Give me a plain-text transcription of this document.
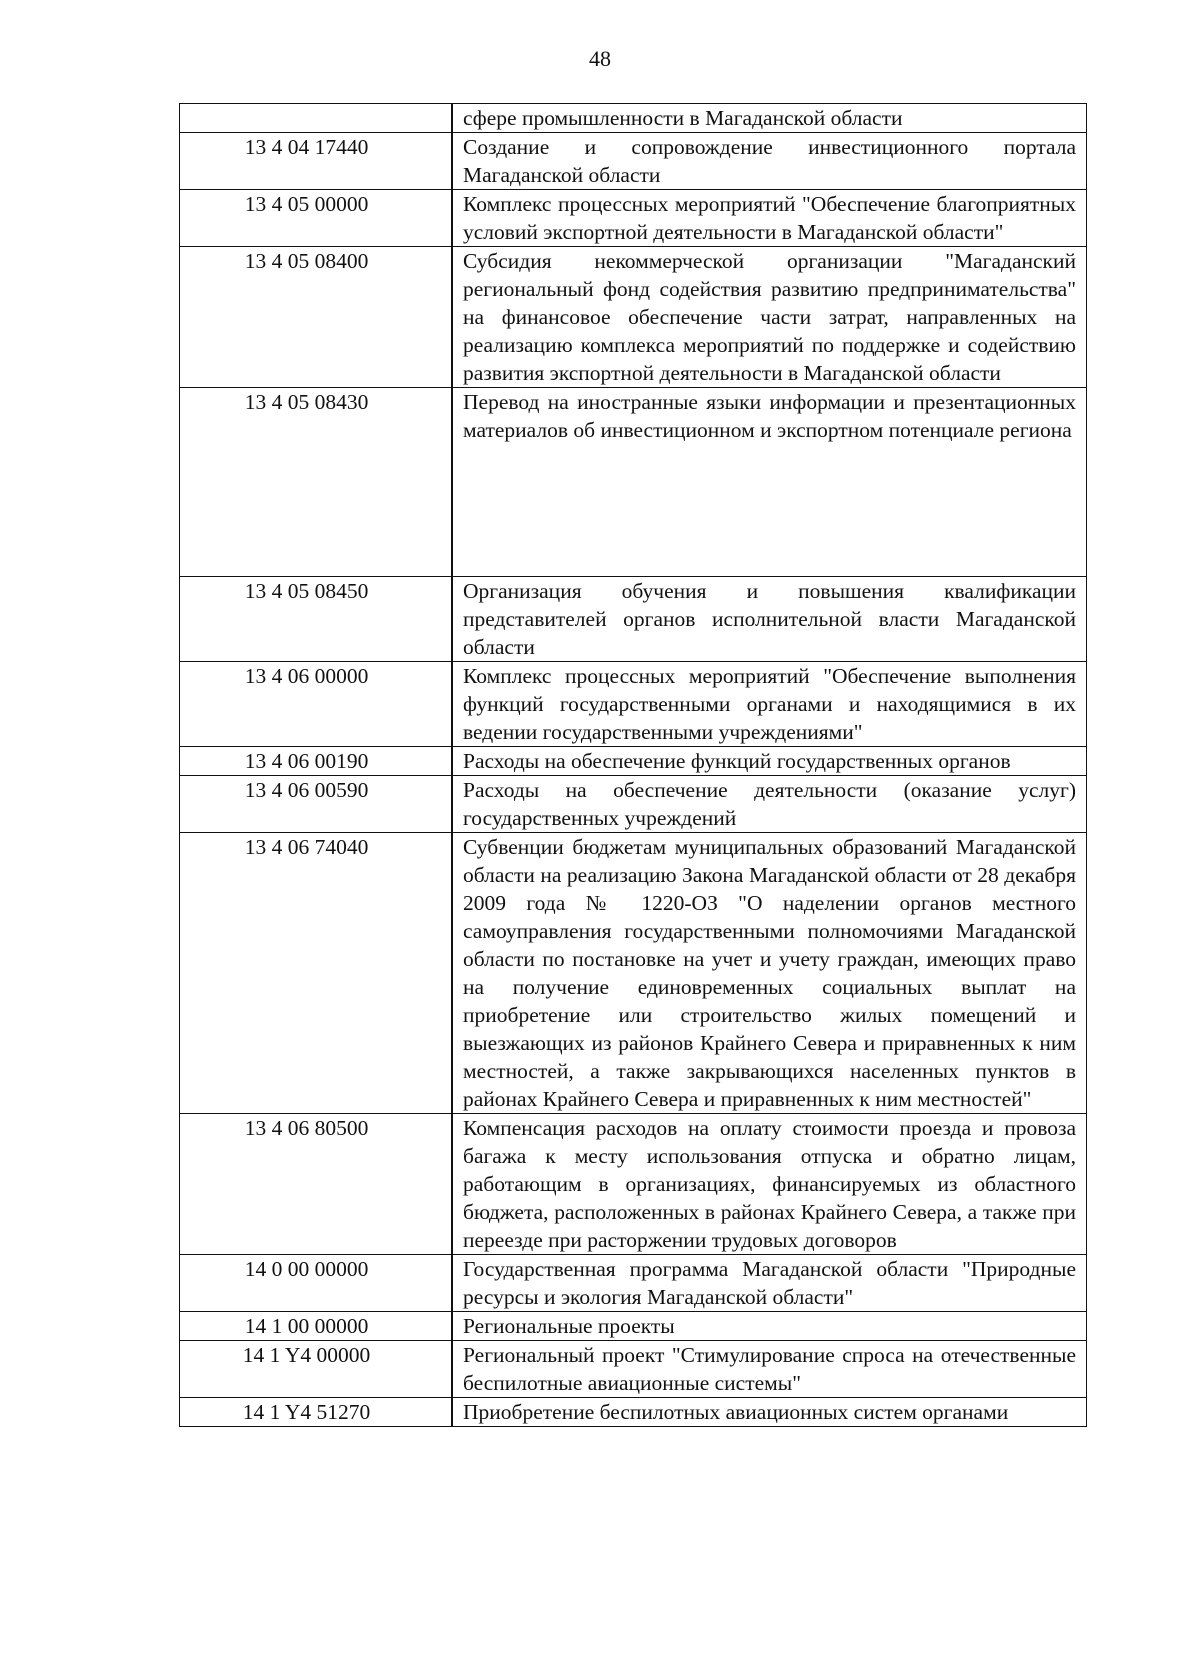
48
	сфере промышленности в Магаданской области
13 4 04 17440	Создание и сопровождение инвестиционного портала Магаданской области
13 4 05 00000	Комплекс процессных мероприятий "Обеспечение благоприятных условий экспортной деятельности в Магаданской области"
13 4 05 08400	Субсидия некоммерческой организации "Магаданский региональный фонд содействия развитию предпринимательства" на финансовое обеспечение части затрат, направленных на реализацию комплекса мероприятий по поддержке и содействию развития экспортной деятельности в Магаданской области
13 4 05 08430	Перевод на иностранные языки информации и презентационных материалов об инвестиционном и экспортном потенциале региона
13 4 05 08450	Организация обучения и повышения квалификации представителей органов исполнительной власти Магаданской области
13 4 06 00000	Комплекс процессных мероприятий "Обеспечение выполнения функций государственными органами и находящимися в их ведении государственными учреждениями"
13 4 06 00190	Расходы на обеспечение функций государственных органов
13 4 06 00590	Расходы на обеспечение деятельности (оказание услуг) государственных учреждений
13 4 06 74040	Субвенции бюджетам муниципальных образований Магаданской области на реализацию Закона Магаданской области от 28 декабря 2009 года № 1220-ОЗ "О наделении органов местного самоуправления государственными полномочиями Магаданской области по постановке на учет и учету граждан, имеющих право на получение единовременных социальных выплат на приобретение или строительство жилых помещений и выезжающих из районов Крайнего Севера и приравненных к ним местностей, а также закрывающихся населенных пунктов в районах Крайнего Севера и приравненных к ним местностей"
13 4 06 80500	Компенсация расходов на оплату стоимости проезда и провоза багажа к месту использования отпуска и обратно лицам, работающим в организациях, финансируемых из областного бюджета, расположенных в районах Крайнего Севера, а также при переезде при расторжении трудовых договоров
14 0 00 00000	Государственная программа Магаданской области "Природные ресурсы и экология Магаданской области"
14 1 00 00000	Региональные проекты
14 1 Y4 00000	Региональный проект "Стимулирование спроса на отечественные беспилотные авиационные системы"
14 1 Y4 51270	Приобретение беспилотных авиационных систем органами
